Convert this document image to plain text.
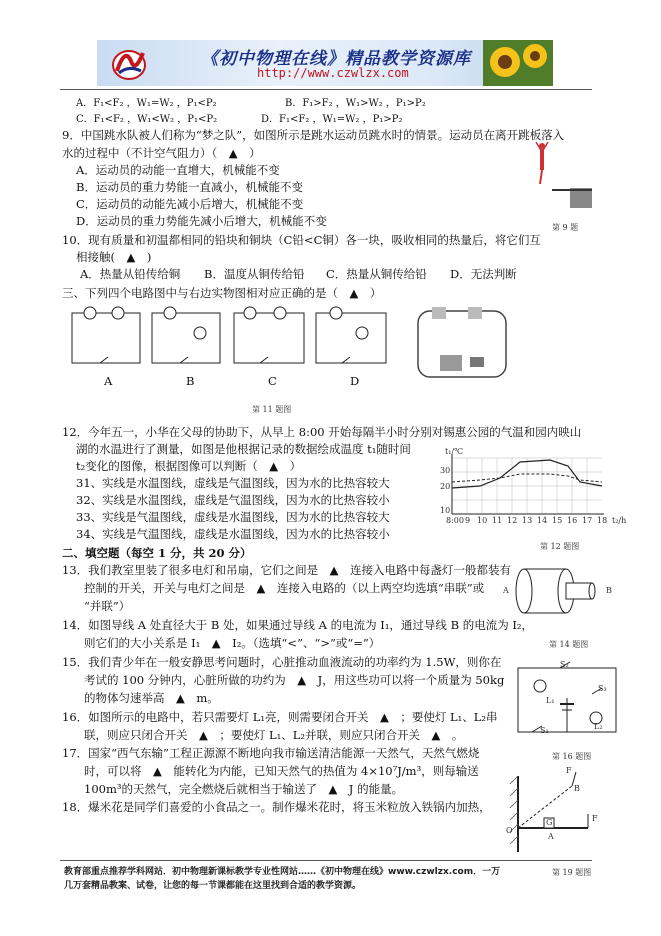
《初中物理在线》精品教学资源库
http://www.czwlzx.com
A．F₁<F₂ ，W₁=W₂ ，P₁<P₂	B．F₁>F₂ ，W₁>W₂ ，P₁>P₂
C．F₁<F₂ ，W₁<W₂ ，P₁<P₂	D．F₁<F₂ ，W₁=W₂ ，P₁>P₂
9．中国跳水队被人们称为“梦之队”，如图所示是跳水运动员跳水时的情景。运动员在离开跳板落入
水的过程中（不计空气阻力）（　▲　）
A．运动员的动能一直增大，机械能不变
B．运动员的重力势能一直减小，机械能不变
C．运动员的动能先减小后增大，机械能不变
D．运动员的重力势能先减小后增大，机械能不变	第 9 题
10．现有质量和初温都相同的铅块和铜块（C铅<C铜）各一块，吸收相同的热量后，将它们互
相接触(　▲　)
A．热量从铅传给铜 B．温度从铜传给铅 C．热量从铜传给铅 D．无法判断
三、下列四个电路图中与右边实物图相对应正确的是（　▲　）
A	B	C	D
第 11 题图
12．今年五一，小华在父母的协助下，从早上 8:00 开始每隔半小时分别对锡惠公园的气温和园内映山
湖的水温进行了测量，如图是他根据记录的数据绘成温度 t₁随时间
t₂变化的图像，根据图像可以判断（　▲　）
31、实线是水温图线，虚线是气温图线，因为水的比热容较大
32、实线是水温图线，虚线是气温图线，因为水的比热容较小
33、实线是气温图线，虚线是水温图线，因为水的比热容较大
34、实线是气温图线，虚线是水温图线，因为水的比热容较小
t₁/℃
30
20
10
8:00 9 10 11 12 13 14 15 16 17 18 t₂/h
第 12 题图
二、填空题（每空 1 分，共 20 分）
13．我们教室里装了很多电灯和吊扇，它们之间是　▲　连接入电路中每盏灯一般都装有
控制的开关，开关与电灯之间是　▲　连接入电路的（以上两空均选填“串联”或
“并联”）
A	B
14．如图导线 A 处直径大于 B 处，如果通过导线 A 的电流为 I₁，通过导线 B 的电流为 I₂，
则它们的大小关系是 I₁　▲　I₂。（选填“<”、“>”或“=”）	第 14 题图
15．我们青少年在一般安静思考问题时，心脏推动血液流动的功率约为 1.5W，则你在
考试的 100 分钟内，心脏所做的功约为　▲　J，用这些功可以将一个质量为 50kg
的物体匀速举高　▲　m。
S₂
L₁
S₃
S₁	L₂
16．如图所示的电路中，若只需要灯 L₁亮，则需要闭合开关　▲　；要使灯 L₁、L₂串
联，则应只闭合开关　▲　；要使灯 L₁、L₂并联，则应只闭合开关　▲　。
第 16 题图
17．国家“西气东输”工程正源源不断地向我市输送清洁能源一天然气，天然气燃烧
时，可以将　▲　能转化为内能，已知天然气的热值为 4×10⁷J/m³，则每输送
100m³的天然气，完全燃烧后就相当于输送了　▲　J 的能量。
18．爆米花是同学们喜爱的小食品之一。制作爆米花时，将玉米粒放入铁锅内加热，
F
B
G
O
A
F
第 19 题图
教育部重点推荐学科网站．初中物理新课标教学专业性网站……《初中物理在线》www.czwlzx.com．一万
几万套精品教案、试卷，让您的每一节课都能在这里找到合适的教学资源。
